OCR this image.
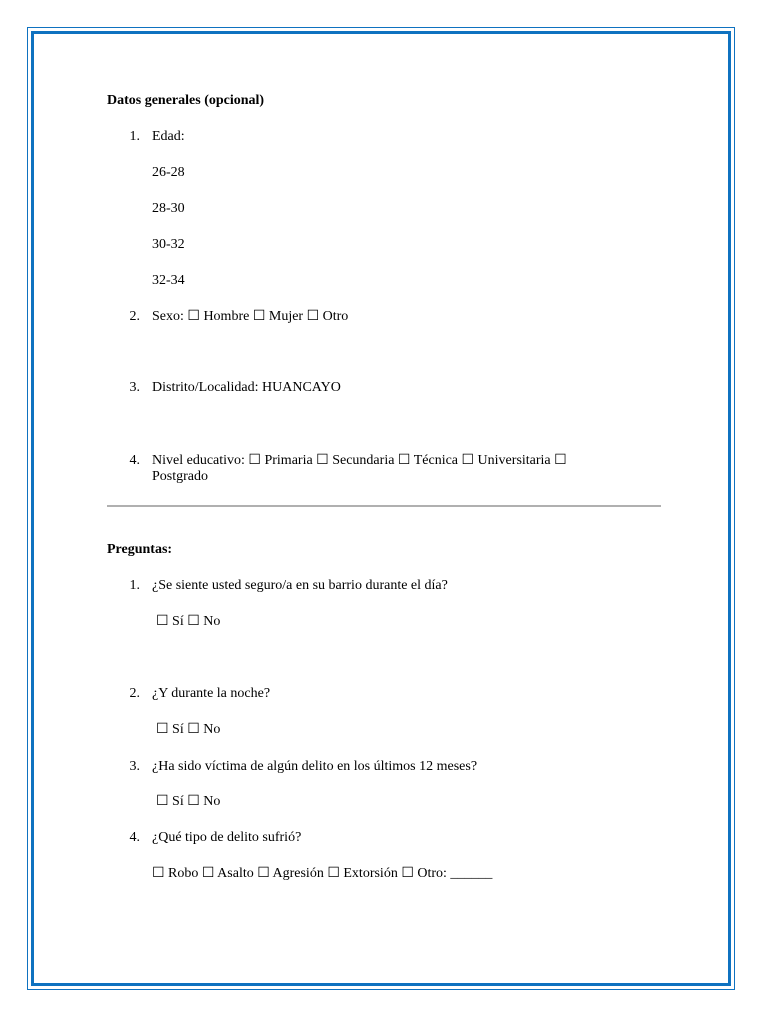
Datos generales (opcional)
1. Edad:
26-28
28-30
30-32
32-34
2. Sexo: ☐ Hombre ☐ Mujer ☐ Otro
3. Distrito/Localidad: HUANCAYO
4. Nivel educativo: ☐ Primaria ☐ Secundaria ☐ Técnica ☐ Universitaria ☐ Postgrado
Preguntas:
1. ¿Se siente usted seguro/a en su barrio durante el día?
☐ Sí ☐ No
2. ¿Y durante la noche?
☐ Sí ☐ No
3. ¿Ha sido víctima de algún delito en los últimos 12 meses?
☐ Sí ☐ No
4. ¿Qué tipo de delito sufrió?
☐ Robo ☐ Asalto ☐ Agresión ☐ Extorsión ☐ Otro: ______
